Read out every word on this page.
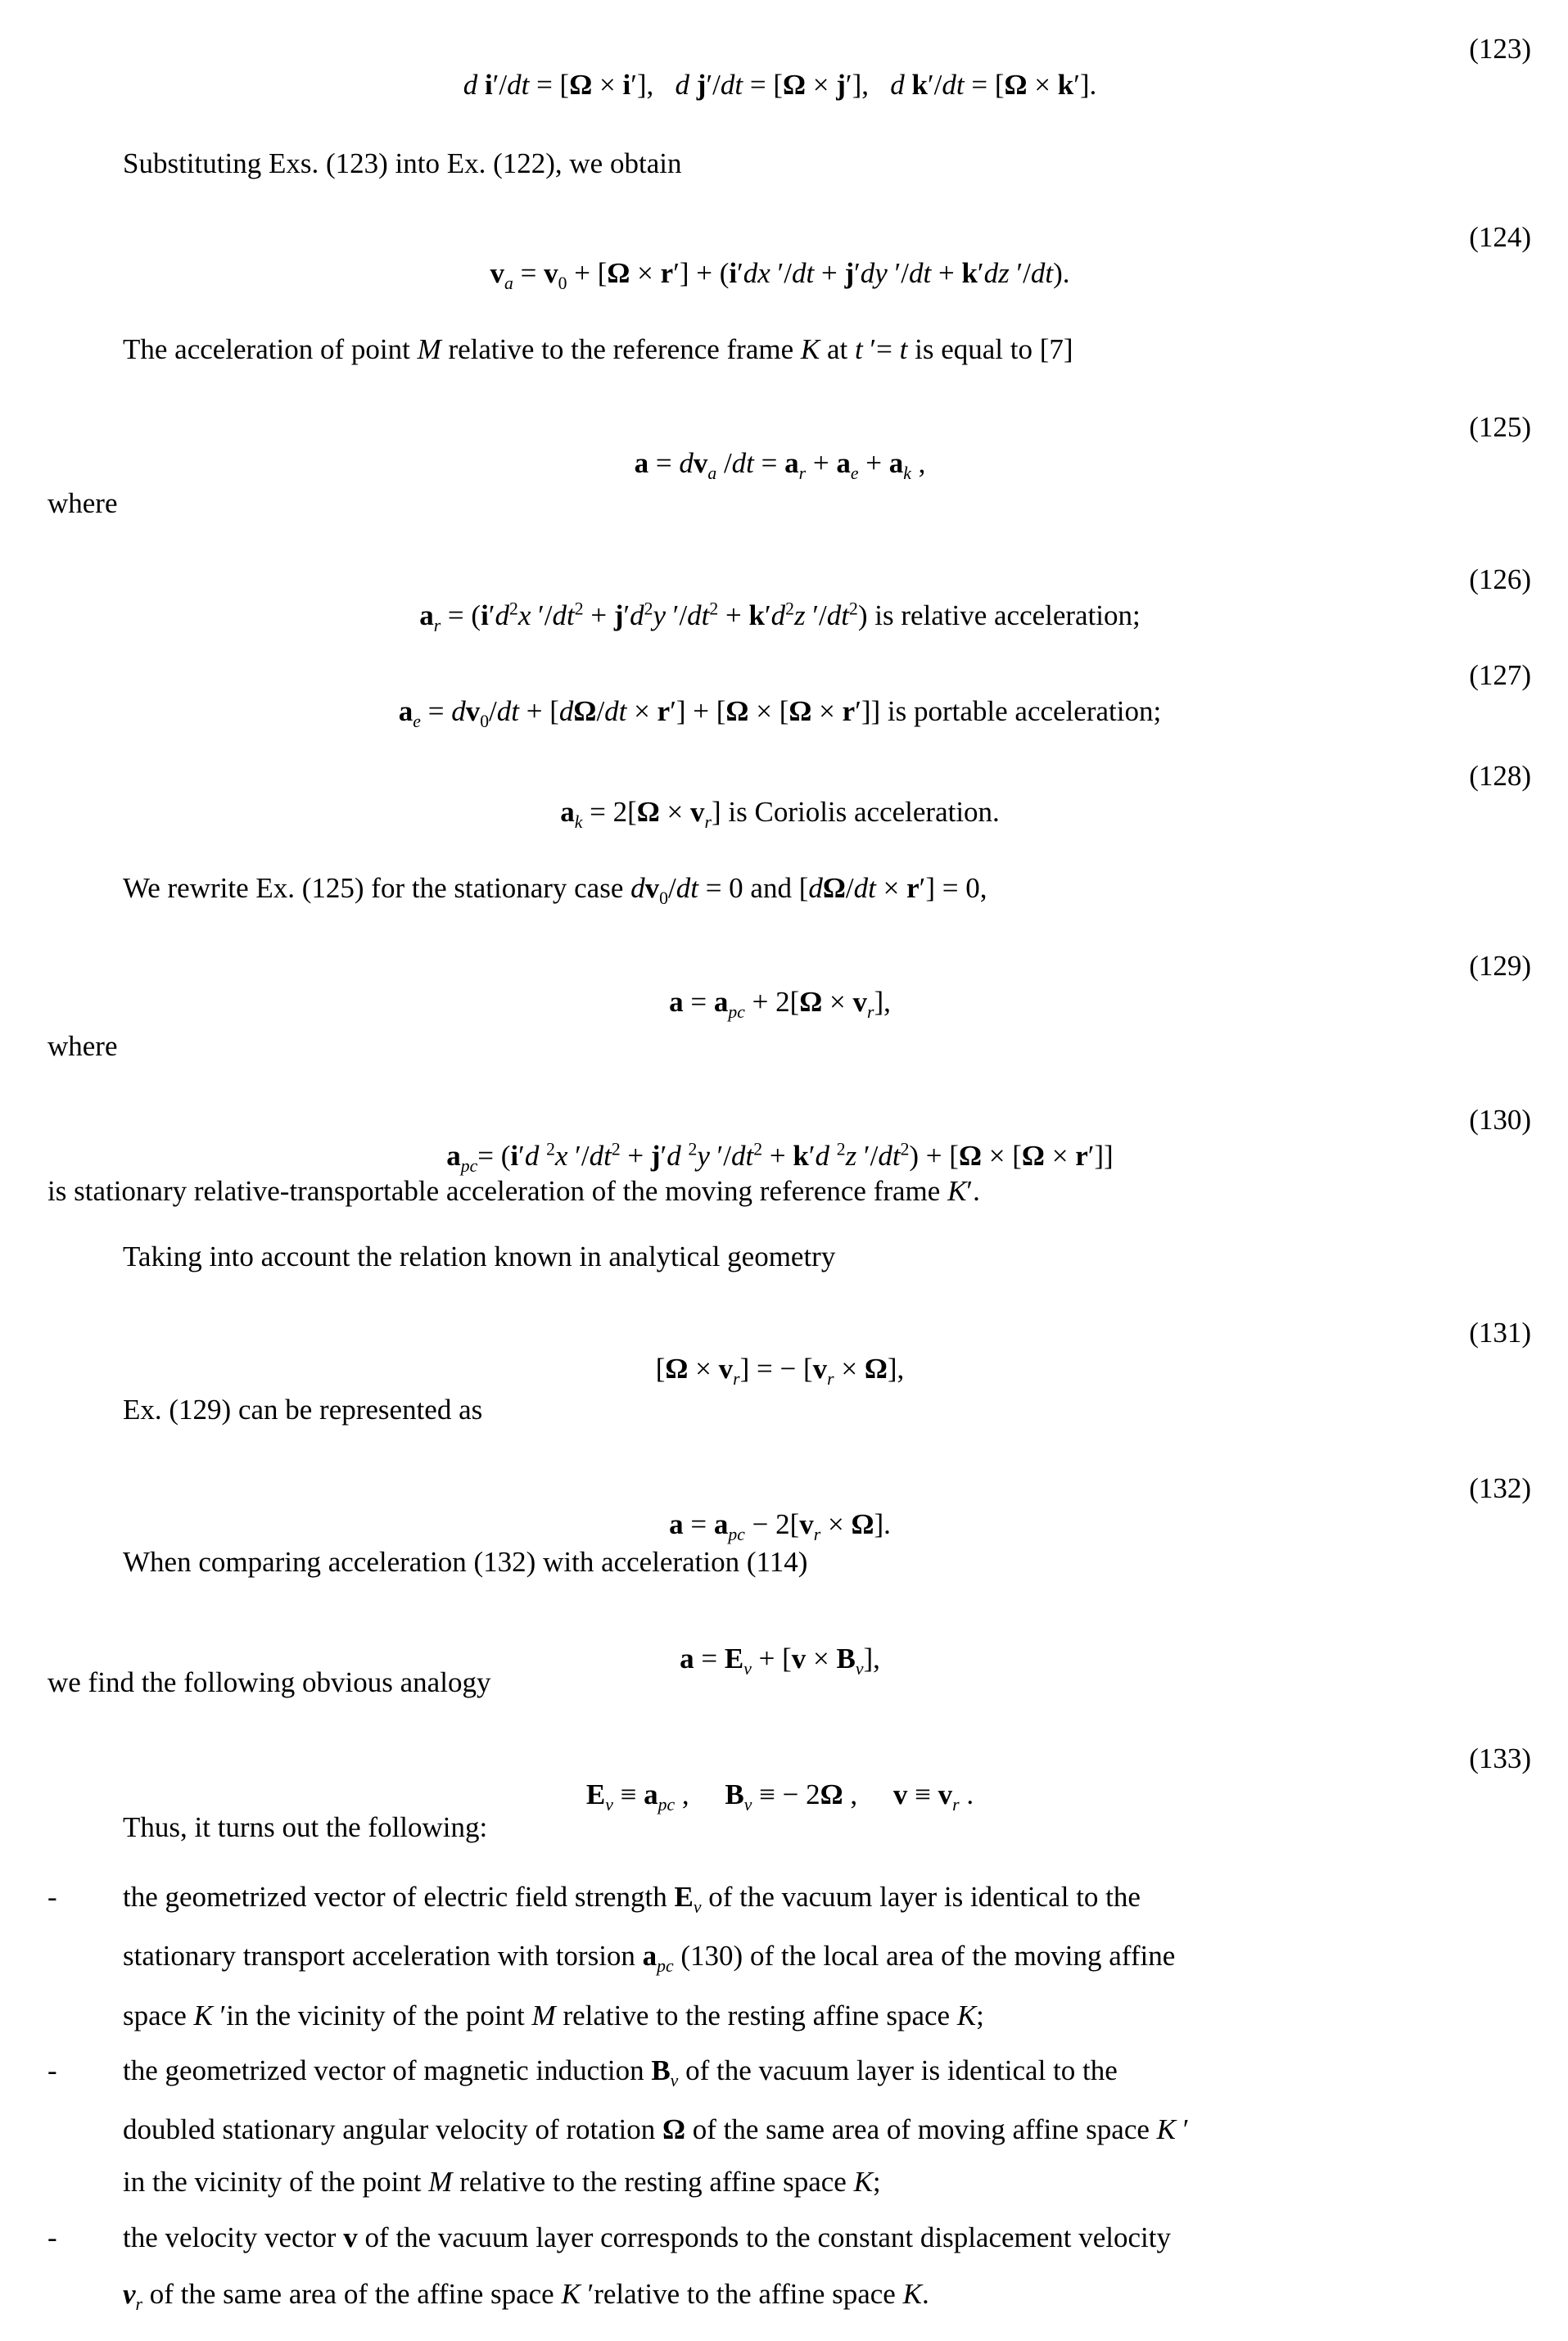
d i′/dt = [Ω × i′],   d j′/dt = [Ω × j′],   d k′/dt = [Ω × k′].

(123)

Substituting Exs. (123) into Ex. (122), we obtain

$v_a = v_0 + [\Omega \times r'] + (i'dx$ ′/dt + j′dy ′/dt + k′dz ′/dt).

(124)

The acceleration of point M relative to the reference frame K at t ′= t is equal to [7]

$a = dv_a$ $/dt = a_r + a_e + a_k$ ,

(125)

where

$a_r = (i'd^2x$ $'/dt^2 + j'd^2y$ $'/dt^2 + k'd^2z$ $'/dt^2$) is relative acceleration;

(126)

$a_e = dv_0/dt + [d\Omega/dt \times r'] + [\Omega \times [\Omega \times r']]$ is portable acceleration;

(127)

$a_k = 2[\Omega \times v_r]$ is Coriolis acceleration.

(128)

We rewrite Ex. (125) for the stationary case $dv_0/dt = 0$ and [dΩ/dt × r′] = 0,

$a = a_{pc} + 2[\Omega \times v_r]$,

(129)

where

$a_{pc}= (i'd$ $^2$x $'/dt^2 + j'd$ $^2$y $'/dt^2 + k'd$ $^2$z $'/dt^2) + [\Omega \times [\Omega \times r']]$

(130)

is stationary relative-transportable acceleration of the moving reference frame K′.
Taking into account the relation known in analytical geometry

$[\Omega \times v_r]$ = − $[v_r \times \Omega]$,

(131)

Ex. (129) can be represented as

$a = a_{pc} - 2[v_r \times \Omega]$.

(132)

When comparing acceleration (132) with acceleration (114)

$a = E_v + [v \times B_v]$,

we find the following obvious analogy

$E_v \equiv a_{pc}$ ,     $B_v$ ≡ − 2Ω ,     $v \equiv v_r$ .

(133)

Thus, it turns out the following:
- the geometrized vector of electric field strength $E_v$ of the vacuum layer is identical to the
stationary transport acceleration with torsion $a_{pc}$ (130) of the local area of the moving affine
space K ′in the vicinity of the point M relative to the resting affine space K;
- the geometrized vector of magnetic induction $B_v$ of the vacuum layer is identical to the
doubled stationary angular velocity of rotation Ω of the same area of moving affine space K ′
in the vicinity of the point M relative to the resting affine space K;
- the velocity vector v of the vacuum layer corresponds to the constant displacement velocity
$v_r$ of the same area of the affine space K ′relative to the affine space K.
